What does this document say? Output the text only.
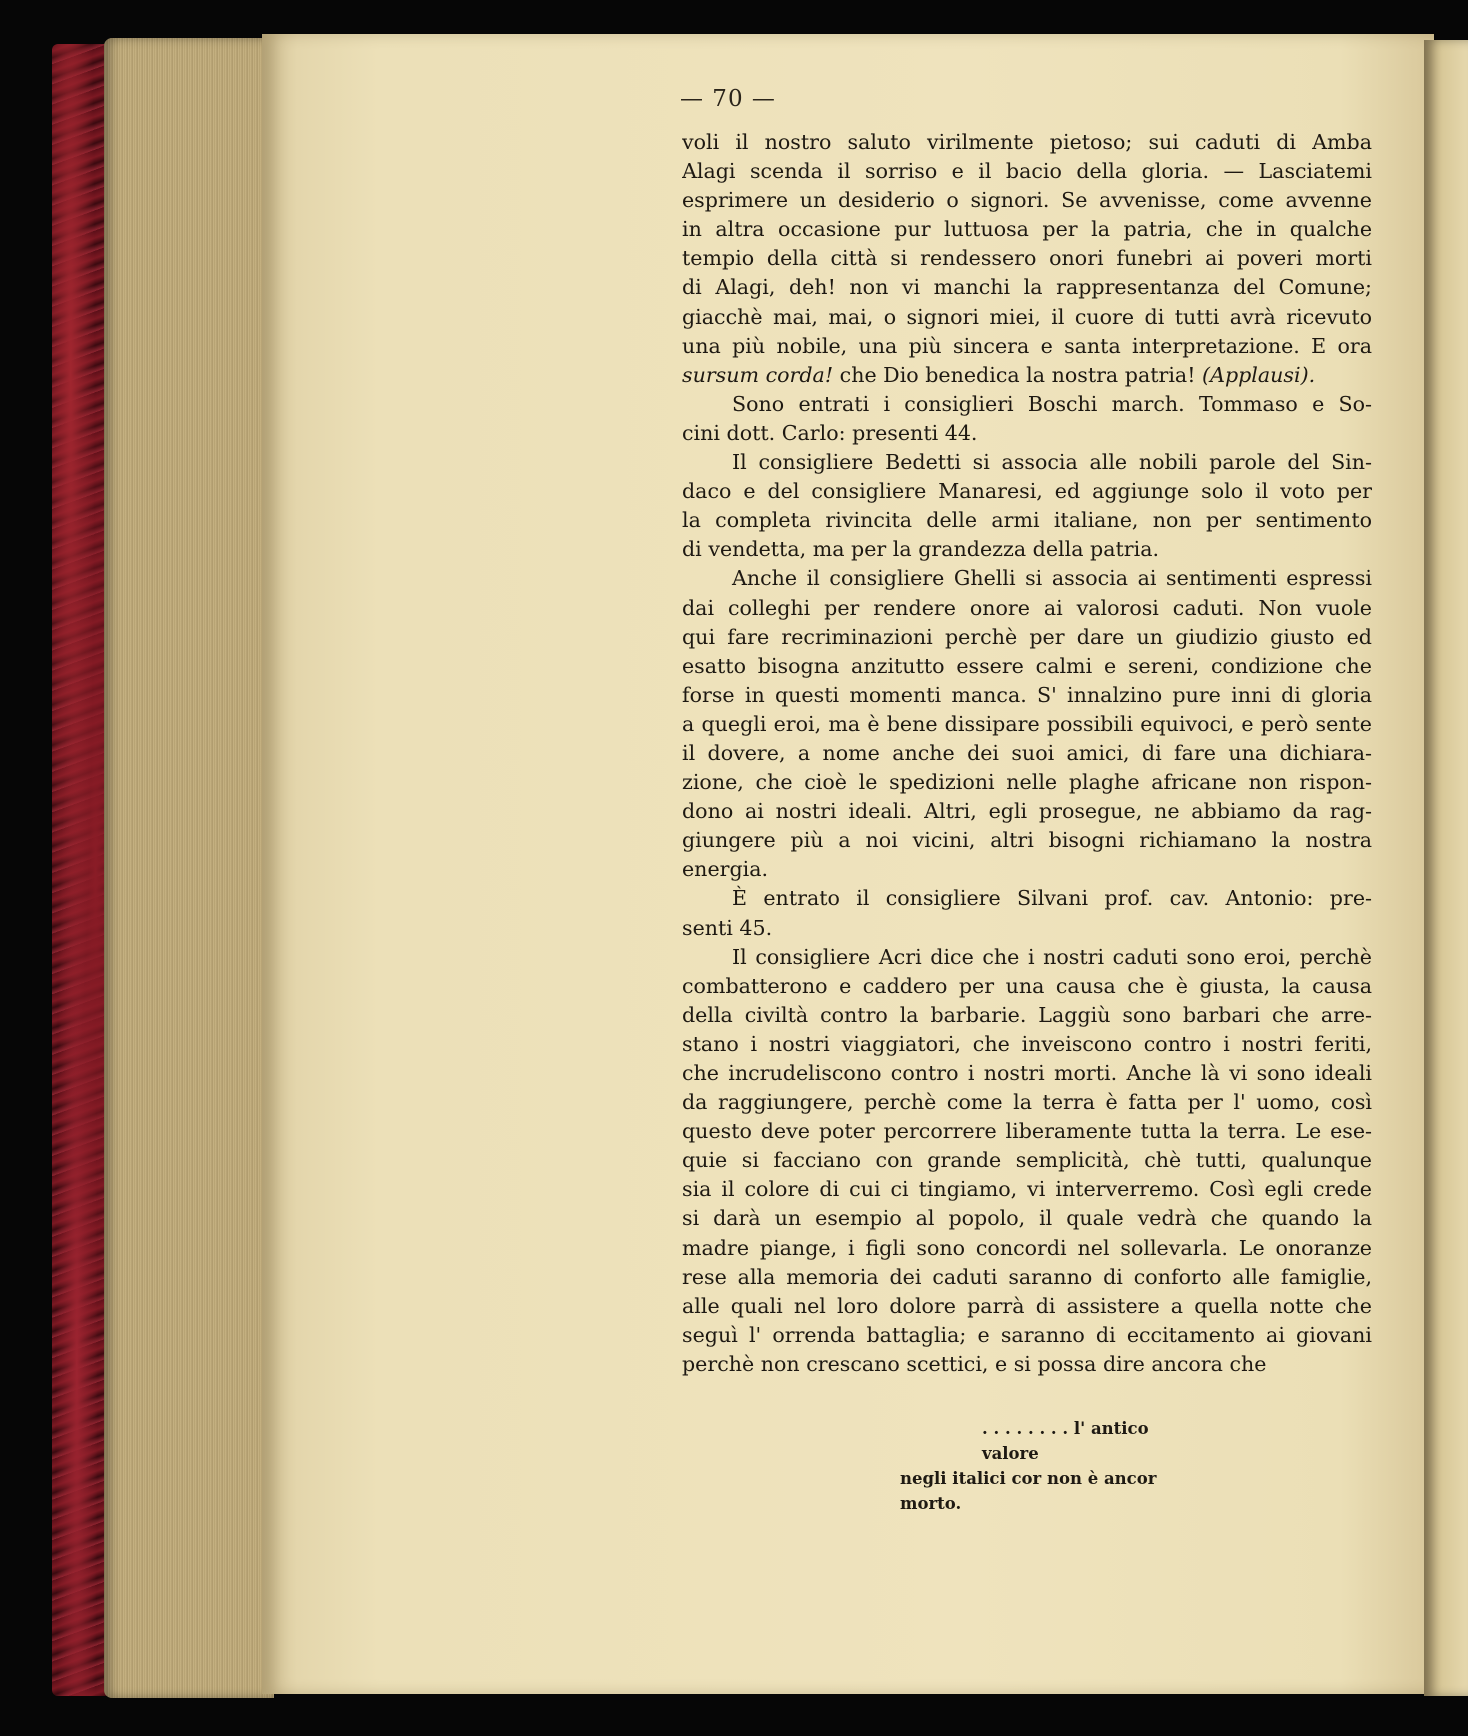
— 70 —
voli il nostro saluto virilmente pietoso; sui caduti di Amba
Alagi scenda il sorriso e il bacio della gloria. — Lasciatemi
esprimere un desiderio o signori. Se avvenisse, come avvenne
in altra occasione pur luttuosa per la patria, che in qualche
tempio della città si rendessero onori funebri ai poveri morti
di Alagi, deh! non vi manchi la rappresentanza del Comune;
giacchè mai, mai, o signori miei, il cuore di tutti avrà ricevuto
una più nobile, una più sincera e santa interpretazione. E ora
sursum corda! che Dio benedica la nostra patria! (Applausi).
Sono entrati i consiglieri Boschi march. Tommaso e So-
cini dott. Carlo: presenti 44.
Il consigliere Bedetti si associa alle nobili parole del Sin-
daco e del consigliere Manaresi, ed aggiunge solo il voto per
la completa rivincita delle armi italiane, non per sentimento
di vendetta, ma per la grandezza della patria.
Anche il consigliere Ghelli si associa ai sentimenti espressi
dai colleghi per rendere onore ai valorosi caduti. Non vuole
qui fare recriminazioni perchè per dare un giudizio giusto ed
esatto bisogna anzitutto essere calmi e sereni, condizione che
forse in questi momenti manca. S' innalzino pure inni di gloria
a quegli eroi, ma è bene dissipare possibili equivoci, e però sente
il dovere, a nome anche dei suoi amici, di fare una dichiara-
zione, che cioè le spedizioni nelle plaghe africane non rispon-
dono ai nostri ideali. Altri, egli prosegue, ne abbiamo da rag-
giungere più a noi vicini, altri bisogni richiamano la nostra
energia.
È entrato il consigliere Silvani prof. cav. Antonio: pre-
senti 45.
Il consigliere Acri dice che i nostri caduti sono eroi, perchè
combatterono e caddero per una causa che è giusta, la causa
della civiltà contro la barbarie. Laggiù sono barbari che arre-
stano i nostri viaggiatori, che inveiscono contro i nostri feriti,
che incrudeliscono contro i nostri morti. Anche là vi sono ideali
da raggiungere, perchè come la terra è fatta per l' uomo, così
questo deve poter percorrere liberamente tutta la terra. Le ese-
quie si facciano con grande semplicità, chè tutti, qualunque
sia il colore di cui ci tingiamo, vi interverremo. Così egli crede
si darà un esempio al popolo, il quale vedrà che quando la
madre piange, i figli sono concordi nel sollevarla. Le onoranze
rese alla memoria dei caduti saranno di conforto alle famiglie,
alle quali nel loro dolore parrà di assistere a quella notte che
seguì l' orrenda battaglia; e saranno di eccitamento ai giovani
perchè non crescano scettici, e si possa dire ancora che
. . . . . . . . l' antico valore
negli italici cor non è ancor morto.
